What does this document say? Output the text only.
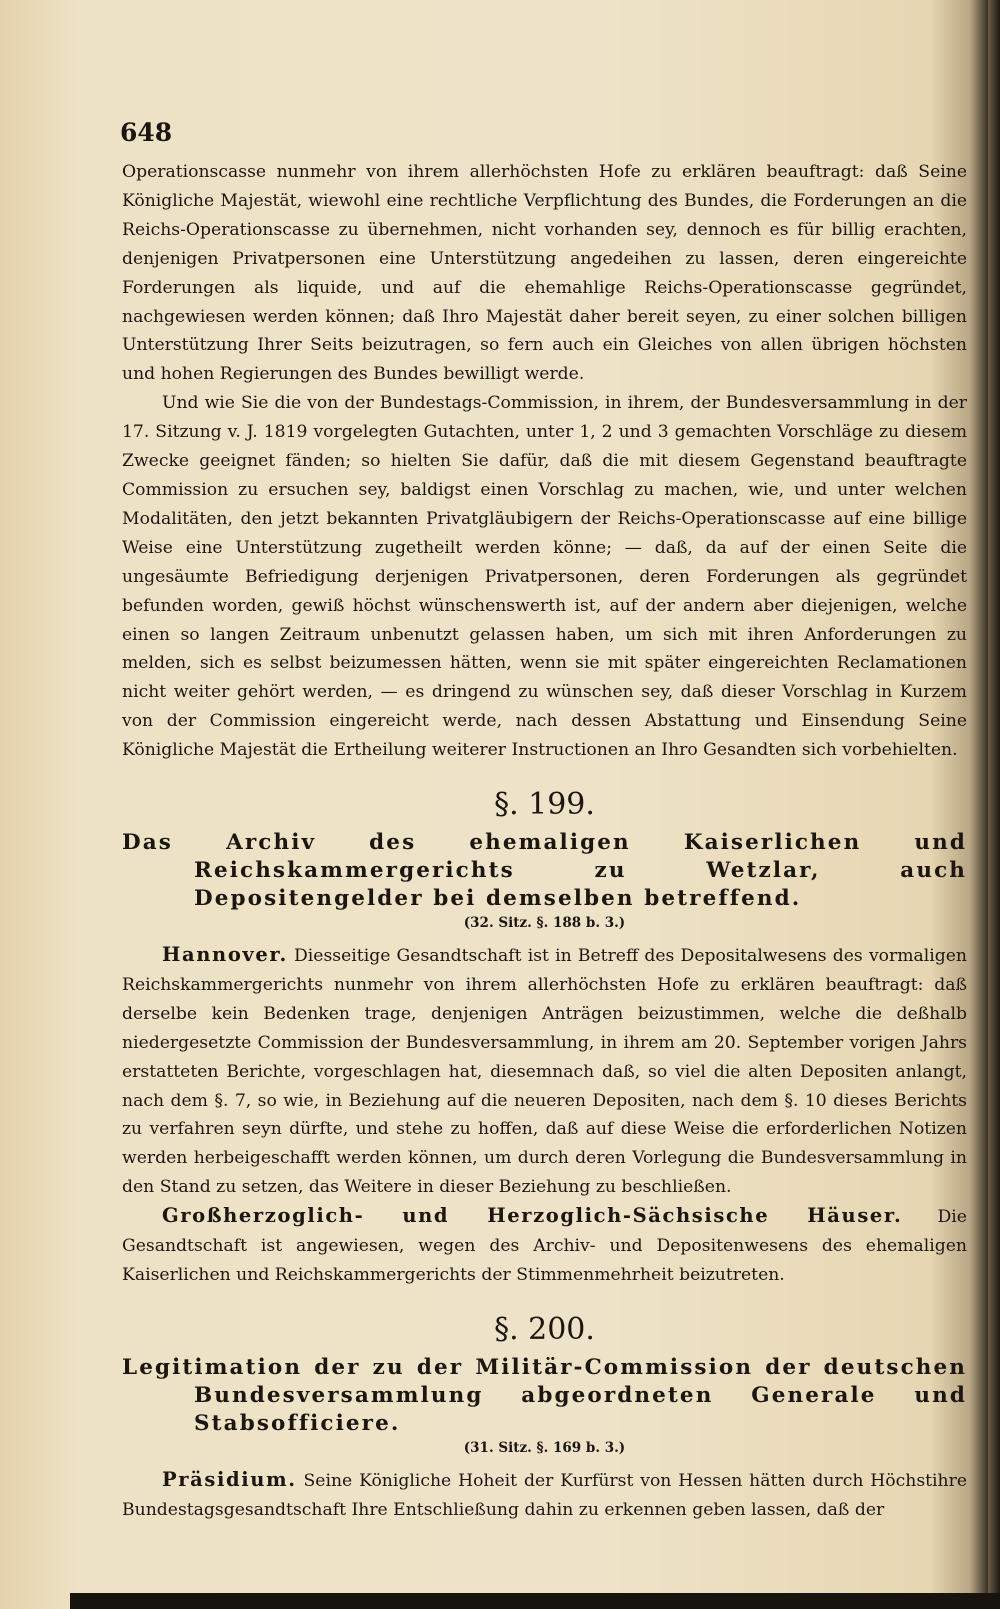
648

Operationscasse nunmehr von ihrem allerhöchsten Hofe zu erklären beauftragt: daß Seine Königliche Majestät, wiewohl eine rechtliche Verpflichtung des Bundes, die Forderungen an die Reichs-Operationscasse zu übernehmen, nicht vorhanden sey, dennoch es für billig erachten, denjenigen Privatpersonen eine Unterstützung angedeihen zu lassen, deren eingereichte Forderungen als liquide, und auf die ehemahlige Reichs-Operationscasse gegründet, nachgewiesen werden können; daß Ihro Majestät daher bereit seyen, zu einer solchen billigen Unterstützung Ihrer Seits beizutragen, so fern auch ein Gleiches von allen übrigen höchsten und hohen Regierungen des Bundes bewilligt werde.

Und wie Sie die von der Bundestags-Commission, in ihrem, der Bundesversammlung in der 17. Sitzung v. J. 1819 vorgelegten Gutachten, unter 1, 2 und 3 gemachten Vorschläge zu diesem Zwecke geeignet fänden; so hielten Sie dafür, daß die mit diesem Gegenstand beauftragte Commission zu ersuchen sey, baldigst einen Vorschlag zu machen, wie, und unter welchen Modalitäten, den jetzt bekannten Privatgläubigern der Reichs-Operationscasse auf eine billige Weise eine Unterstützung zugetheilt werden könne; — daß, da auf der einen Seite die ungesäumte Befriedigung derjenigen Privatpersonen, deren Forderungen als gegründet befunden worden, gewiß höchst wünschenswerth ist, auf der andern aber diejenigen, welche einen so langen Zeitraum unbenutzt gelassen haben, um sich mit ihren Anforderungen zu melden, sich es selbst beizumessen hätten, wenn sie mit später eingereichten Reclamationen nicht weiter gehört werden, — es dringend zu wünschen sey, daß dieser Vorschlag in Kurzem von der Commission eingereicht werde, nach dessen Abstattung und Einsendung Seine Königliche Majestät die Ertheilung weiterer Instructionen an Ihro Gesandten sich vorbehielten.

§. 199.

Das Archiv des ehemaligen Kaiserlichen und Reichskammergerichts zu Wetzlar, auch Depositengelder bei demselben betreffend.

(32. Sitz. §. 188 b. 3.)

Hannover. Diesseitige Gesandtschaft ist in Betreff des Depositalwesens des vormaligen Reichskammergerichts nunmehr von ihrem allerhöchsten Hofe zu erklären beauftragt: daß derselbe kein Bedenken trage, denjenigen Anträgen beizustimmen, welche die deßhalb niedergesetzte Commission der Bundesversammlung, in ihrem am 20. September vorigen Jahrs erstatteten Berichte, vorgeschlagen hat, diesemnach daß, so viel die alten Depositen anlangt, nach dem §. 7, so wie, in Beziehung auf die neueren Depositen, nach dem §. 10 dieses Berichts zu verfahren seyn dürfte, und stehe zu hoffen, daß auf diese Weise die erforderlichen Notizen werden herbeigeschafft werden können, um durch deren Vorlegung die Bundesversammlung in den Stand zu setzen, das Weitere in dieser Beziehung zu beschließen.

Großherzoglich- und Herzoglich-Sächsische Häuser. Die Gesandtschaft ist angewiesen, wegen des Archiv- und Depositenwesens des ehemaligen Kaiserlichen und Reichskammergerichts der Stimmenmehrheit beizutreten.

§. 200.

Legitimation der zu der Militär-Commission der deutschen Bundesversammlung abgeordneten Generale und Stabsofficiere.

(31. Sitz. §. 169 b. 3.)

Präsidium. Seine Königliche Hoheit der Kurfürst von Hessen hätten durch Höchstihre Bundestagsgesandtschaft Ihre Entschließung dahin zu erkennen geben lassen, daß der
